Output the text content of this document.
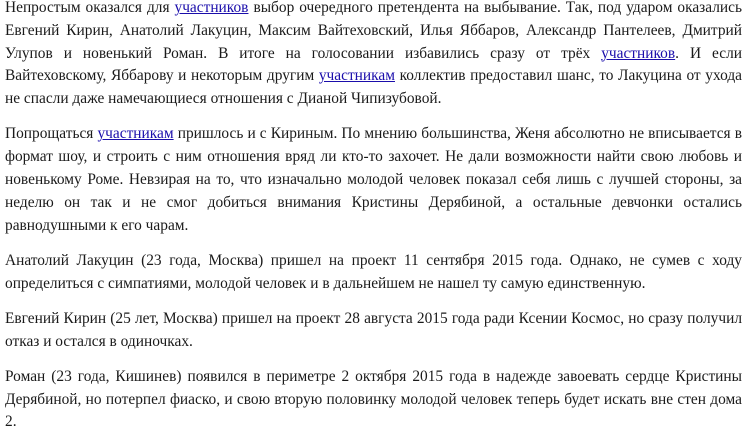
Непростым оказался для участников выбор очередного претендента на выбывание. Так, под ударом оказались Евгений Кирин, Анатолий Лакуцин, Максим Вайтеховский, Илья Яббаров, Александр Пантелеев, Дмитрий Улупов и новенький Роман. В итоге на голосовании избавились сразу от трёх участников. И если Вайтеховскому, Яббарову и некоторым другим участникам коллектив предоставил шанс, то Лакуцина от ухода не спасли даже намечающиеся отношения с Дианой Чипизубовой.

Попрощаться участникам пришлось и с Кириным. По мнению большинства, Женя абсолютно не вписывается в формат шоу, и строить с ним отношения вряд ли кто-то захочет. Не дали возможности найти свою любовь и новенькому Роме. Невзирая на то, что изначально молодой человек показал себя лишь с лучшей стороны, за неделю он так и не смог добиться внимания Кристины Дерябиной, а остальные девчонки остались равнодушными к его чарам.

Анатолий Лакуцин (23 года, Москва) пришел на проект 11 сентября 2015 года. Однако, не сумев с ходу определиться с симпатиями, молодой человек и в дальнейшем не нашел ту самую единственную.

Евгений Кирин (25 лет, Москва) пришел на проект 28 августа 2015 года ради Ксении Космос, но сразу получил отказ и остался в одиночках.

Роман (23 года, Кишинев) появился в периметре 2 октября 2015 года в надежде завоевать сердце Кристины Дерябиной, но потерпел фиаско, и свою вторую половинку молодой человек теперь будет искать вне стен дома 2.
